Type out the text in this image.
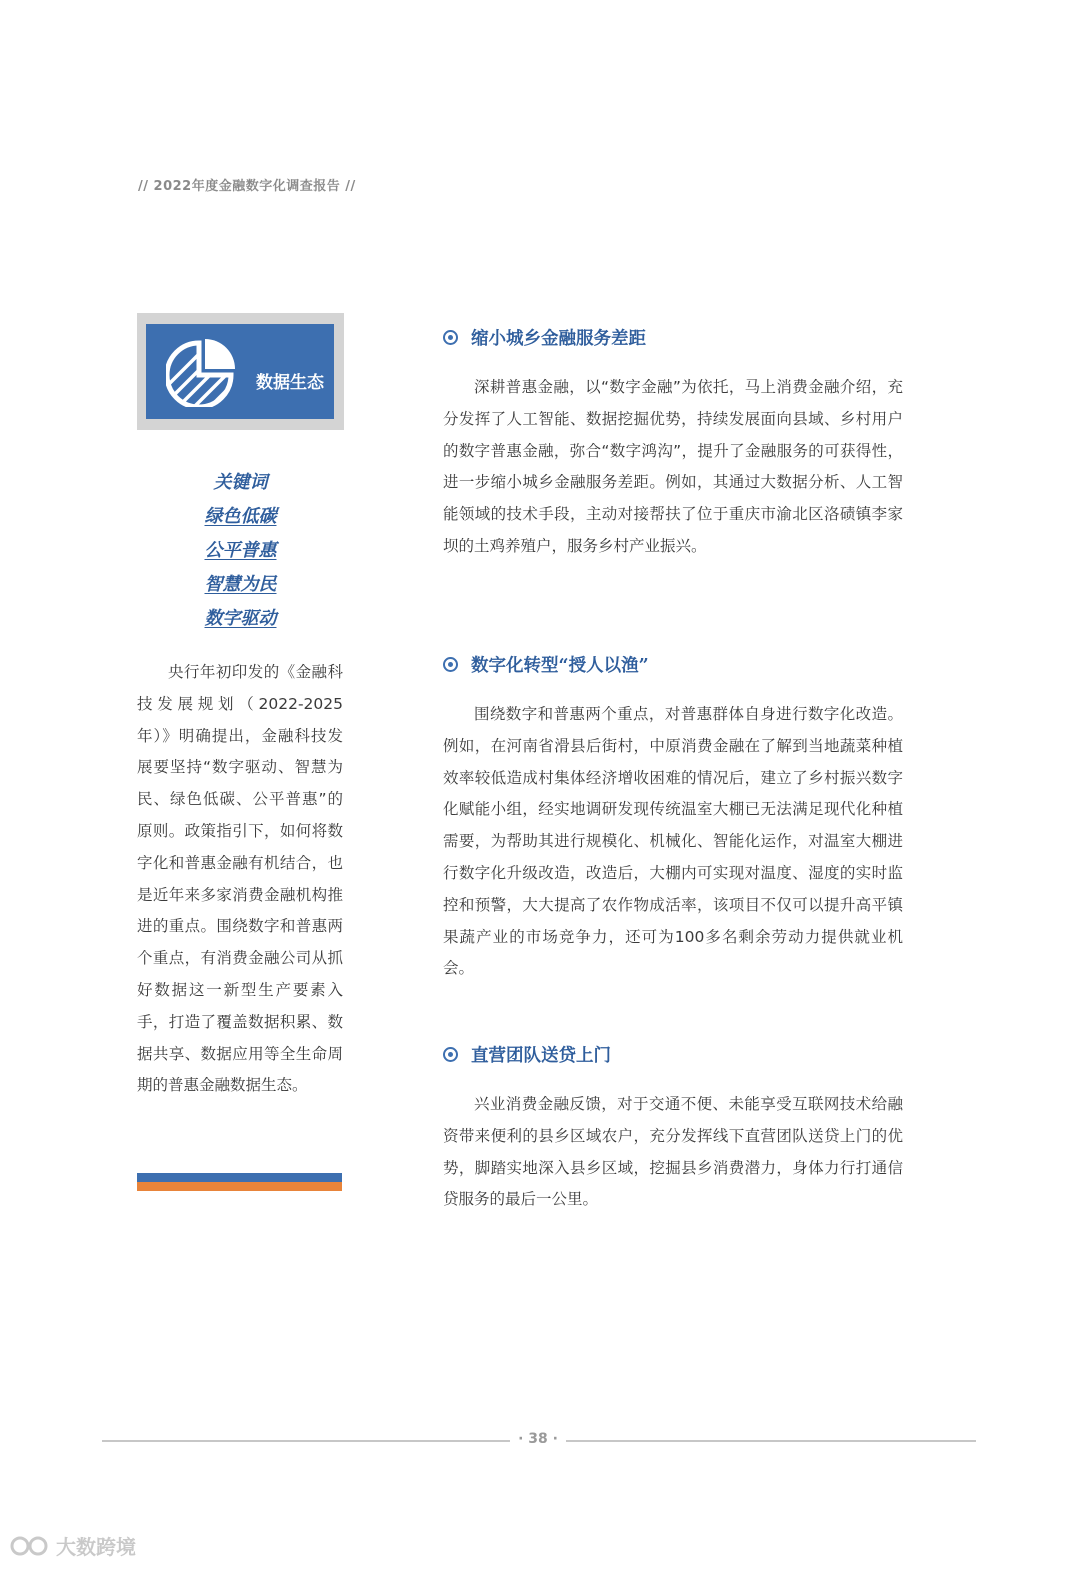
// 2022年度金融数字化调查报告 //
数据生态
关键词
绿色低碳
公平普惠
智慧为民
数字驱动

央行年初印发的《金融科技发展规划（2022-2025年）》明确提出，金融科技发展要坚持“数字驱动、智慧为民、绿色低碳、公平普惠”的原则。政策指引下，如何将数字化和普惠金融有机结合，也是近年来多家消费金融机构推进的重点。围绕数字和普惠两个重点，有消费金融公司从抓好数据这一新型生产要素入手，打造了覆盖数据积累、数据共享、数据应用等全生命周期的普惠金融数据生态。

缩小城乡金融服务差距

深耕普惠金融，以“数字金融”为依托，马上消费金融介绍，充分发挥了人工智能、数据挖掘优势，持续发展面向县域、乡村用户的数字普惠金融，弥合“数字鸿沟”，提升了金融服务的可获得性，进一步缩小城乡金融服务差距。例如，其通过大数据分析、人工智能领域的技术手段，主动对接帮扶了位于重庆市渝北区洛碛镇李家坝的土鸡养殖户，服务乡村产业振兴。

数字化转型“授人以渔”

围绕数字和普惠两个重点，对普惠群体自身进行数字化改造。例如，在河南省滑县后街村，中原消费金融在了解到当地蔬菜种植效率较低造成村集体经济增收困难的情况后，建立了乡村振兴数字化赋能小组，经实地调研发现传统温室大棚已无法满足现代化种植需要，为帮助其进行规模化、机械化、智能化运作，对温室大棚进行数字化升级改造，改造后，大棚内可实现对温度、湿度的实时监控和预警，大大提高了农作物成活率，该项目不仅可以提升高平镇果蔬产业的市场竞争力，还可为100多名剩余劳动力提供就业机会。

直营团队送贷上门

兴业消费金融反馈，对于交通不便、未能享受互联网技术给融资带来便利的县乡区域农户，充分发挥线下直营团队送贷上门的优势，脚踏实地深入县乡区域，挖掘县乡消费潜力，身体力行打通信贷服务的最后一公里。

· 38 ·
大数跨境
